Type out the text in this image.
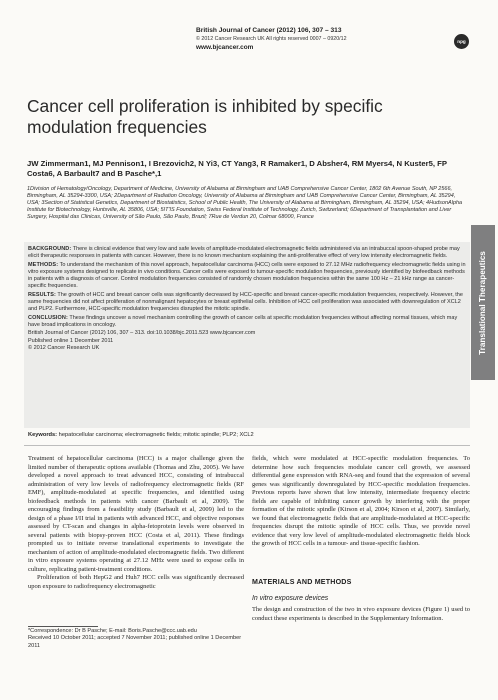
British Journal of Cancer (2012) 106, 307 – 313
© 2012 Cancer Research UK All rights reserved 0007 – 0920/12
www.bjcancer.com
npg
Cancer cell proliferation is inhibited by specific modulation frequencies
JW Zimmerman1, MJ Pennison1, I Brezovich2, N Yi3, CT Yang3, R Ramaker1, D Absher4, RM Myers4, N Kuster5, FP Costa6, A Barbault7 and B Pasche*,1
1Division of Hematology/Oncology, Department of Medicine, University of Alabama at Birmingham and UAB Comprehensive Cancer Center, 1802 6th Avenue South, NP 2566, Birmingham, AL 35294-3300, USA; 2Department of Radiation Oncology, University of Alabama at Birmingham and UAB Comprehensive Cancer Center, Birmingham, AL 35294, USA; 3Section of Statistical Genetics, Department of Biostatistics, School of Public Health, The University of Alabama at Birmingham, Birmingham, AL 35294, USA; 4HudsonAlpha Institute for Biotechnology, Huntsville, AL 35806, USA; 5IT'IS Foundation, Swiss Federal Institute of Technology, Zurich, Switzerland; 6Department of Transplantation and Liver Surgery, Hospital das Clinicas, University of São Paulo, São Paulo, Brazil; 7Rue de Verdun 20, Colmar 68000, France

BACKGROUND: There is clinical evidence that very low and safe levels of amplitude-modulated electromagnetic fields administered via an intrabuccal spoon-shaped probe may elicit therapeutic responses in patients with cancer. However, there is no known mechanism explaining the anti-proliferative effect of very low intensity electromagnetic fields.

METHODS: To understand the mechanism of this novel approach, hepatocellular carcinoma (HCC) cells were exposed to 27.12 MHz radiofrequency electromagnetic fields using in vitro exposure systems designed to replicate in vivo conditions. Cancer cells were exposed to tumour-specific modulation frequencies, previously identified by biofeedback methods in patients with a diagnosis of cancer. Control modulation frequencies consisted of randomly chosen modulation frequencies within the same 100 Hz – 21 kHz range as cancer-specific frequencies.

RESULTS: The growth of HCC and breast cancer cells was significantly decreased by HCC-specific and breast cancer-specific modulation frequencies, respectively. However, the same frequencies did not affect proliferation of nonmalignant hepatocytes or breast epithelial cells. Inhibition of HCC cell proliferation was associated with downregulation of XCL2 and PLP2. Furthermore, HCC-specific modulation frequencies disrupted the mitotic spindle.

CONCLUSION: These findings uncover a novel mechanism controlling the growth of cancer cells at specific modulation frequencies without affecting normal tissues, which may have broad implications in oncology.

British Journal of Cancer (2012) 106, 307 – 313. doi:10.1038/bjc.2011.523 www.bjcancer.com

Published online 1 December 2011

© 2012 Cancer Research UK	Translational Therapeutics
Keywords: hepatocellular carcinoma; electromagnetic fields; mitotic spindle; PLP2; XCL2

Treatment of hepatocellular carcinoma (HCC) is a major challenge given the limited number of therapeutic options available (Thomas and Zhu, 2005). We have developed a novel approach to treat advanced HCC, consisting of intrabuccal administration of very low levels of radiofrequency electromagnetic fields (RF EMF), amplitude-modulated at specific frequencies, and identified using biofeedback methods in patients with cancer (Barbault et al, 2009). The encouraging findings from a feasibility study (Barbault et al, 2009) led to the design of a phase I/II trial in patients with advanced HCC, and objective responses assessed by CT-scan and changes in alpha-fetoprotein levels were observed in several patients with biopsy-proven HCC (Costa et al, 2011). These findings prompted us to initiate reverse translational experiments to investigate the mechanism of action of amplitude-modulated electromagnetic fields. Two different in vitro exposure systems operating at 27.12 MHz were used to expose cells in culture, replicating patient-treatment conditions.

Proliferation of both HepG2 and Huh7 HCC cells was significantly decreased upon exposure to radiofrequency electromagnetic

fields, which were modulated at HCC-specific modulation frequencies. To determine how such frequencies modulate cancer cell growth, we assessed differential gene expression with RNA-seq and found that the expression of several genes was significantly downregulated by HCC-specific modulation frequencies. Previous reports have shown that low intensity, intermediate frequency electric fields are capable of inhibiting cancer growth by interfering with the proper formation of the mitotic spindle (Kirson et al, 2004; Kirson et al, 2007). Similarly, we found that electromagnetic fields that are amplitude-modulated at HCC-specific frequencies disrupt the mitotic spindle of HCC cells. Thus, we provide novel evidence that very low level of amplitude-modulated electromagnetic fields block the growth of HCC cells in a tumour- and tissue-specific fashion.

MATERIALS AND METHODS
In vitro exposure devices
The design and construction of the two in vivo exposure devices (Figure 1) used to conduct these experiments is described in the Supplementary Information.
*Correspondence: Dr B Pasche; E-mail: Boris.Pasche@ccc.uab.edu
Received 10 October 2011; accepted 7 November 2011; published online 1 December 2011
